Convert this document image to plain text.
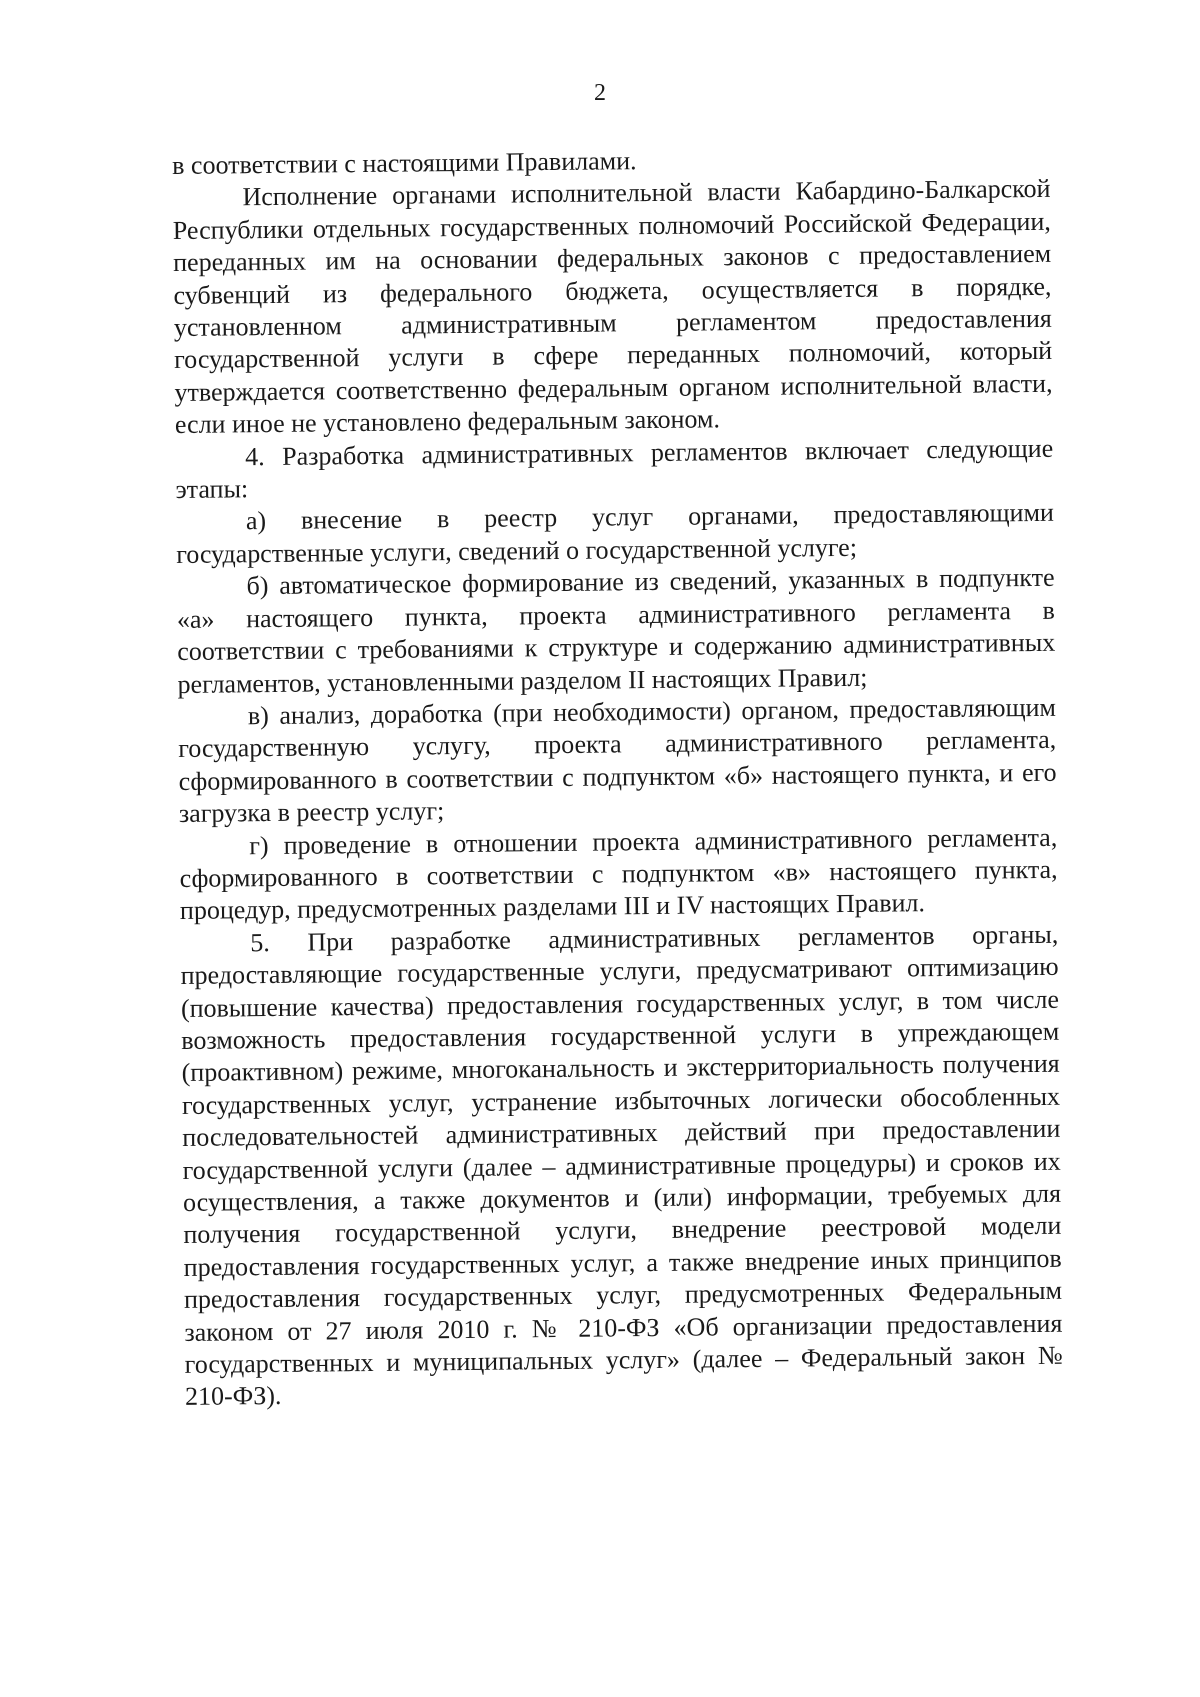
2

в соответствии с настоящими Правилами.

Исполнение органами исполнительной власти Кабардино-Балкарской Республики отдельных государственных полномочий Российской Федерации, переданных им на основании федеральных законов с предоставлением субвенций из федерального бюджета, осуществляется в порядке, установленном административным регламентом предоставления государственной услуги в сфере переданных полномочий, который утверждается соответственно федеральным органом исполнительной власти, если иное не установлено федеральным законом.

4. Разработка административных регламентов включает следующие этапы:

а) внесение в реестр услуг органами, предоставляющими государственные услуги, сведений о государственной услуге;

б) автоматическое формирование из сведений, указанных в подпункте «а» настоящего пункта, проекта административного регламента в соответствии с требованиями к структуре и содержанию административных регламентов, установленными разделом II настоящих Правил;

в) анализ, доработка (при необходимости) органом, предоставляющим государственную услугу, проекта административного регламента, сформированного в соответствии с подпунктом «б» настоящего пункта, и его загрузка в реестр услуг;

г) проведение в отношении проекта административного регламента, сформированного в соответствии с подпунктом «в» настоящего пункта, процедур, предусмотренных разделами III и IV настоящих Правил.

5. При разработке административных регламентов органы, предоставляющие государственные услуги, предусматривают оптимизацию (повышение качества) предоставления государственных услуг, в том числе возможность предоставления государственной услуги в упреждающем (проактивном) режиме, многоканальность и экстерриториальность получения государственных услуг, устранение избыточных логически обособленных последовательностей административных действий при предоставлении государственной услуги (далее – административные процедуры) и сроков их осуществления, а также документов и (или) информации, требуемых для получения государственной услуги, внедрение реестровой модели предоставления государственных услуг, а также внедрение иных принципов предоставления государственных услуг, предусмотренных Федеральным законом от 27 июля 2010 г. № 210-ФЗ «Об организации предоставления государственных и муниципальных услуг» (далее – Федеральный закон № 210-ФЗ).
